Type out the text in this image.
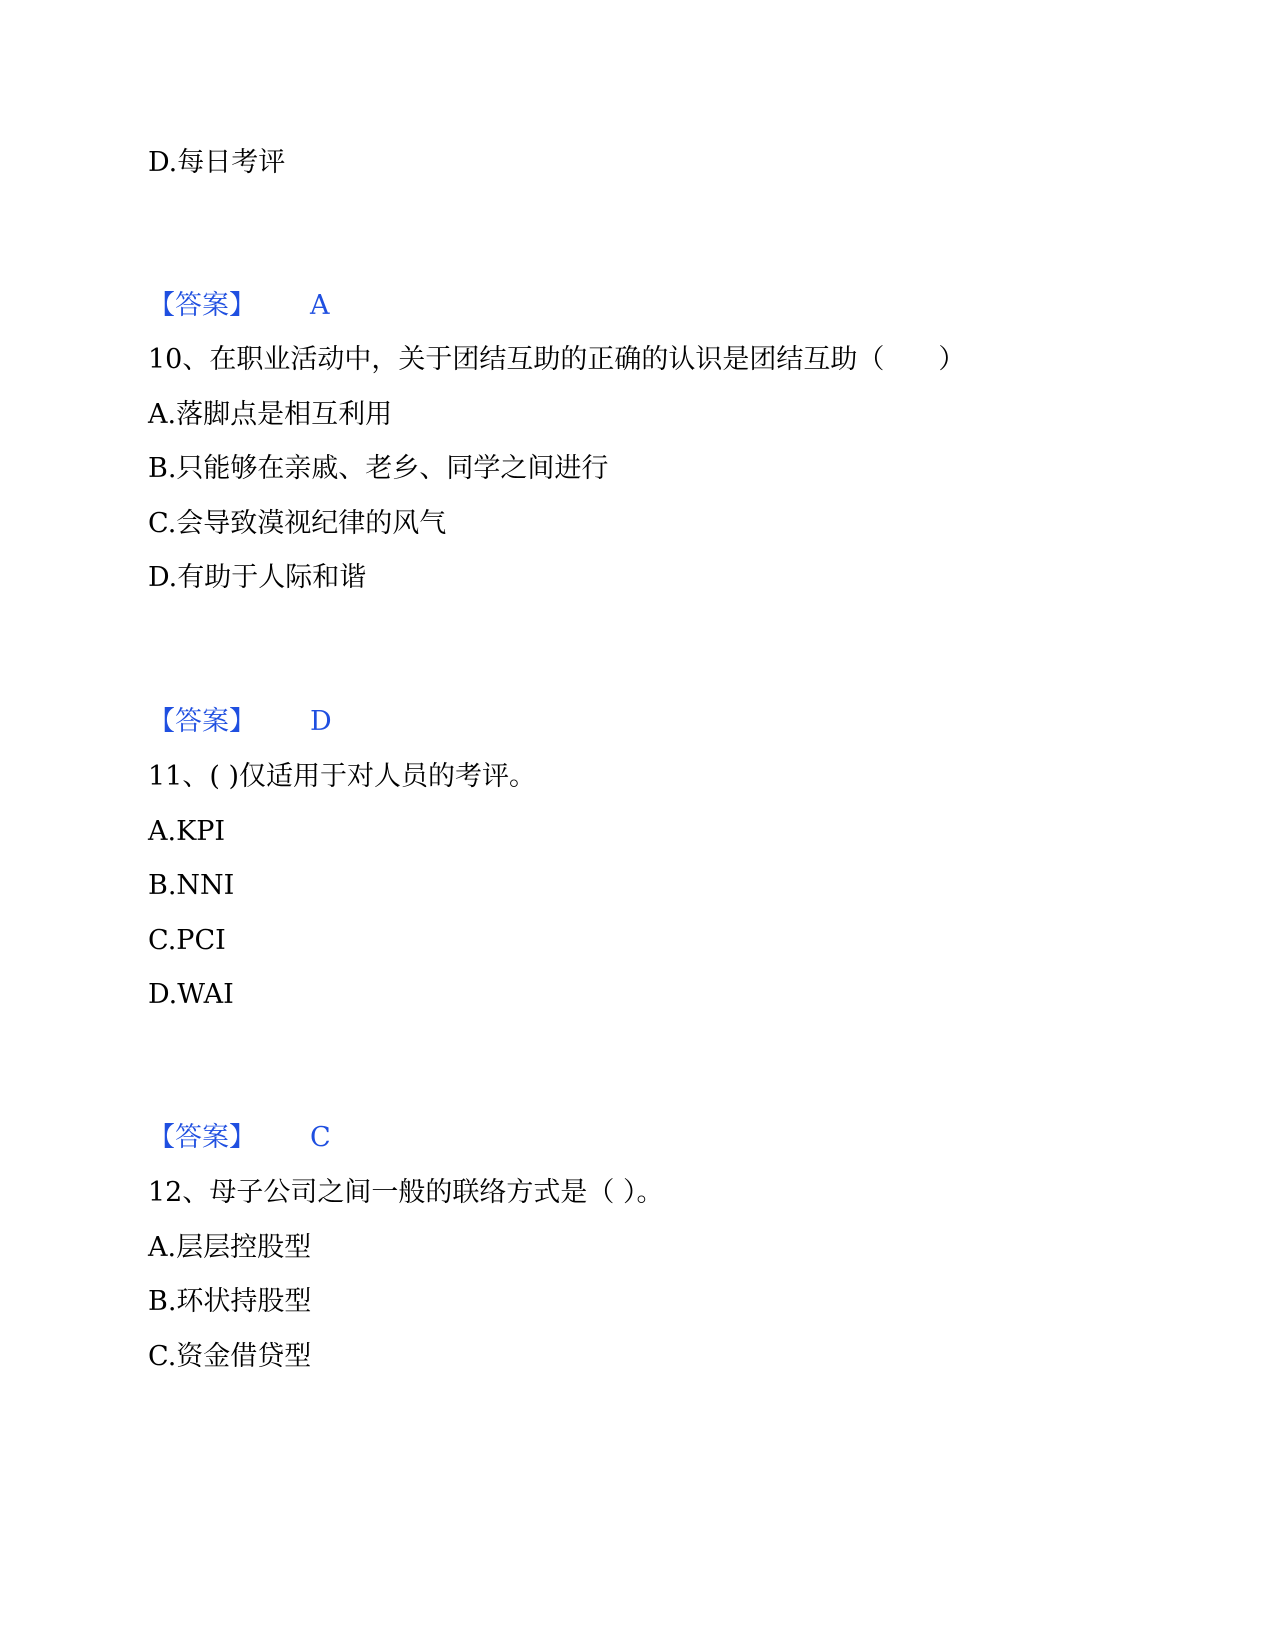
D.每日考评
【答案】 A
10、在职业活动中，关于团结互助的正确的认识是团结互助（　　）
A.落脚点是相互利用
B.只能够在亲戚、老乡、同学之间进行
C.会导致漠视纪律的风气
D.有助于人际和谐
【答案】 D
11、( )仅适用于对人员的考评。
A.KPI
B.NNI
C.PCI
D.WAI
【答案】 C
12、母子公司之间一般的联络方式是（ ）。
A.层层控股型
B.环状持股型
C.资金借贷型
